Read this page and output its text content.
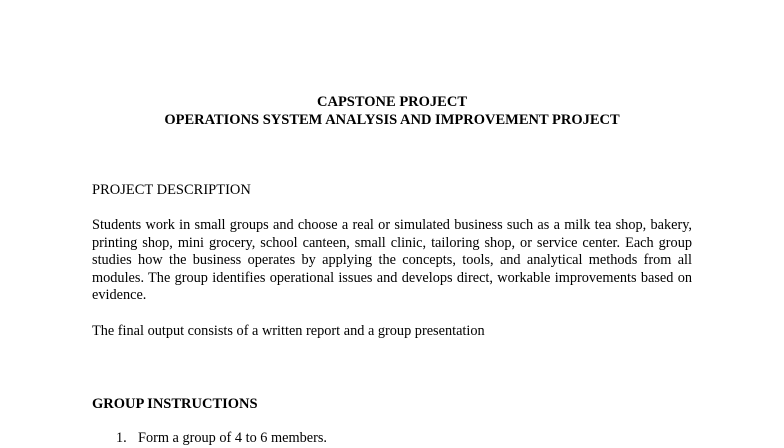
CAPSTONE PROJECT
OPERATIONS SYSTEM ANALYSIS AND IMPROVEMENT PROJECT
PROJECT DESCRIPTION

Students work in small groups and choose a real or simulated business such as a milk tea shop, bakery, printing shop, mini grocery, school canteen, small clinic, tailoring shop, or service center. Each group studies how the business operates by applying the concepts, tools, and analytical methods from all modules. The group identifies operational issues and develops direct, workable improvements based on evidence.

The final output consists of a written report and a group presentation

GROUP INSTRUCTIONS
1. Form a group of 4 to 6 members.
